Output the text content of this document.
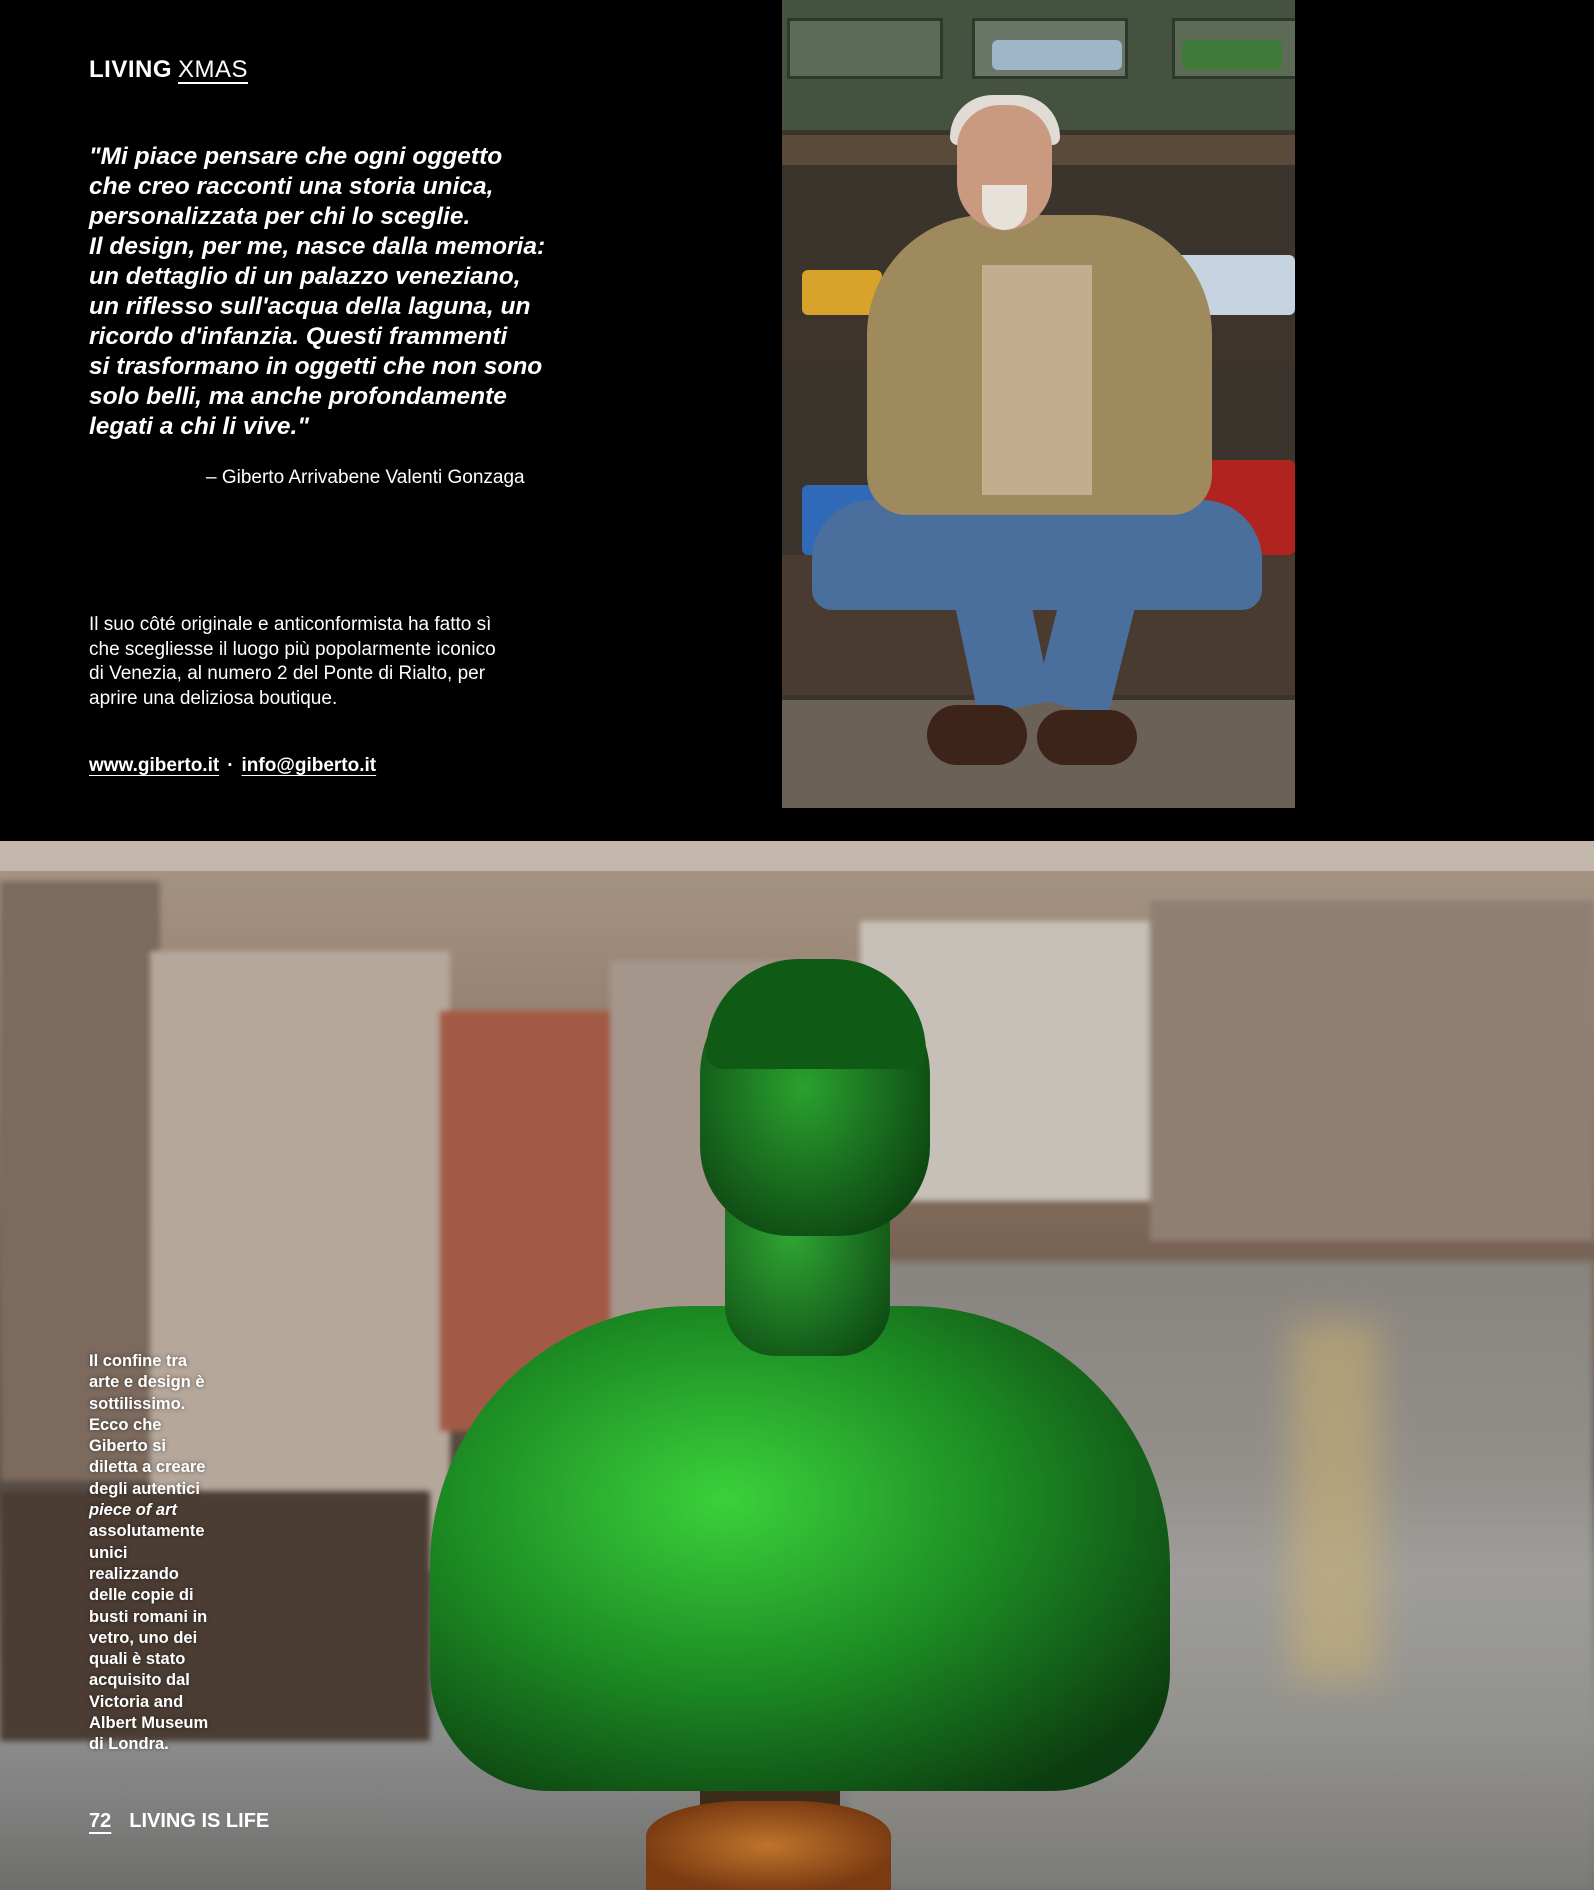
LIVING XMAS

"Mi piace pensare che ogni oggetto
che creo racconti una storia unica,
personalizzata per chi lo sceglie.
Il design, per me, nasce dalla memoria:
un dettaglio di un palazzo veneziano,
un riflesso sull'acqua della laguna, un
ricordo d'infanzia. Questi frammenti
si trasformano in oggetti che non sono
solo belli, ma anche profondamente
legati a chi li vive."

– Giberto Arrivabene Valenti Gonzaga

Il suo côté originale e anticonformista ha fatto sì
che scegliesse il luogo più popolarmente iconico
di Venezia, al numero 2 del Ponte di Rialto, per
aprire una deliziosa boutique.

www.giberto.it · info@giberto.it

Il confine tra arte e design è sottilissimo. Ecco che Giberto si diletta a creare degli autentici piece of art assolutamente unici realizzando delle copie di busti romani in vetro, uno dei quali è stato acquisito dal Victoria and Albert Museum di Londra.

72 LIVING IS LIFE
